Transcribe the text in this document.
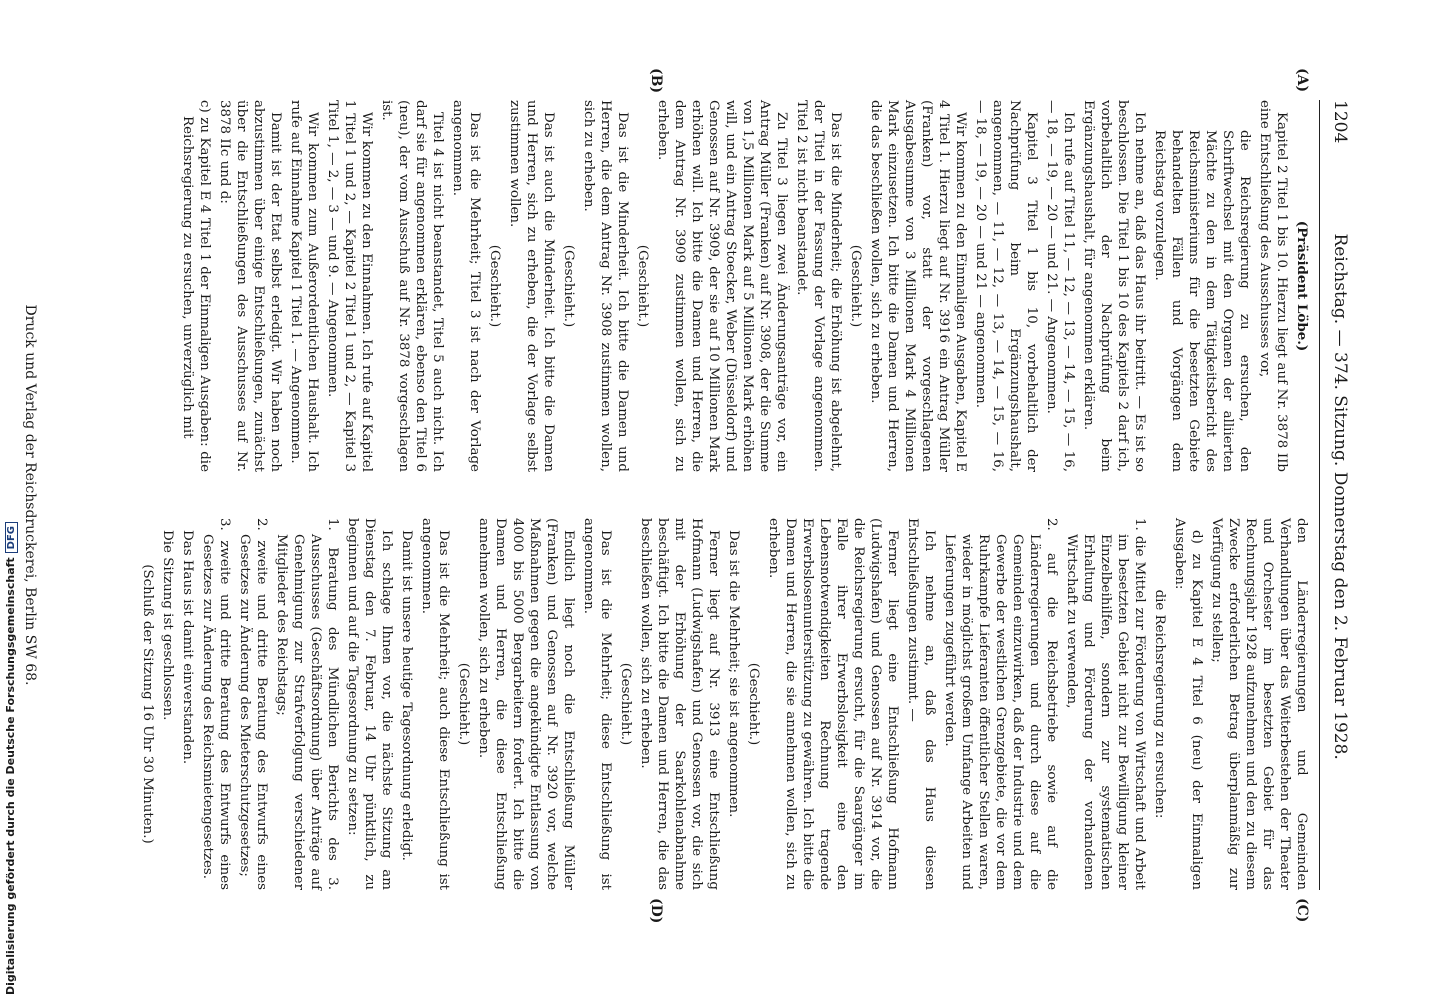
1204
Reichstag. — 374. Sitzung. Donnerstag den 2. Februar 1928.
(A)
(B)
(C)
(D)

(Präsident Löbe.)

Kapitel 2 Titel 1 bis 10. Hierzu liegt auf Nr. 3878 IIb eine Entschließung des Ausschusses vor,

die Reichsregierung zu ersuchen, den Schriftwechsel mit den Organen der alliierten Mächte zu den in dem Tätigkeitsbericht des Reichsministeriums für die besetzten Gebiete behandelten Fällen und Vorgängen dem Reichstag vorzulegen.

Ich nehme an, daß das Haus ihr beitritt. — Es ist so beschlossen. Die Titel 1 bis 10 des Kapitels 2 darf ich, vorbehaltlich der Nachprüfung beim Ergänzungshaushalt, für angenommen erklären.

Ich rufe auf Titel 11, — 12, — 13, — 14, — 15, — 16, — 18, — 19, — 20 — und 21. — Angenommen.

Kapitel 3 Titel 1 bis 10, vorbehaltlich der Nachprüfung beim Ergänzungshaushalt, angenommen, — 11, — 12, — 13, — 14, — 15, — 16, — 18, — 19, — 20 — und 21 — angenommen.

Wir kommen zu den Einmaligen Ausgaben, Kapitel E 4 Titel 1. Hierzu liegt auf Nr. 3916 ein Antrag Müller (Franken) vor, statt der vorgeschlagenen Ausgabesumme von 3 Millionen Mark 4 Millionen Mark einzusetzen. Ich bitte die Damen und Herren, die das beschließen wollen, sich zu erheben.

(Geschieht.)

Das ist die Minderheit; die Erhöhung ist abgelehnt, der Titel in der Fassung der Vorlage angenommen. Titel 2 ist nicht beanstandet.

Zu Titel 3 liegen zwei Änderungsanträge vor, ein Antrag Müller (Franken) auf Nr. 3908, der die Summe von 1,5 Millionen Mark auf 5 Millionen Mark erhöhen will, und ein Antrag Stoecker, Weber (Düsseldorf) und Genossen auf Nr. 3909, der sie auf 10 Millionen Mark erhöhen will. Ich bitte die Damen und Herren, die dem Antrag Nr. 3909 zustimmen wollen, sich zu erheben.

(Geschieht.)

Das ist die Minderheit. Ich bitte die Damen und Herren, die dem Antrag Nr. 3908 zustimmen wollen, sich zu erheben.

(Geschieht.)

Das ist auch die Minderheit. Ich bitte die Damen und Herren, sich zu erheben, die der Vorlage selbst zustimmen wollen.

(Geschieht.)

Das ist die Mehrheit; Titel 3 ist nach der Vorlage angenommen.

Titel 4 ist nicht beanstandet, Titel 5 auch nicht. Ich darf sie für angenommen erklären, ebenso den Titel 6 (neu), der vom Ausschuß auf Nr. 3878 vorgeschlagen ist.

Wir kommen zu den Einnahmen. Ich rufe auf Kapitel 1 Titel 1 und 2, — Kapitel 2 Titel 1 und 2, — Kapitel 3 Titel 1, — 2, — 3 — und 9. — Angenommen.

Wir kommen zum Außerordentlichen Haushalt. Ich rufe auf Einnahme Kapitel 1 Titel 1. — Angenommen.

Damit ist der Etat selbst erledigt. Wir haben noch abzustimmen über einige Entschließungen, zunächst über die Entschließungen des Ausschusses auf Nr. 3878 IIc und d:

c) zu Kapitel E 4 Titel 1 der Einmaligen Ausgaben: die Reichsregierung zu ersuchen, unverzüglich mit

den Länderregierungen und Gemeinden Verhandlungen über das Weiterbestehen der Theater und Orchester im besetzten Gebiet für das Rechnungsjahr 1928 aufzunehmen und den zu diesem Zwecke erforderlichen Betrag überplanmäßig zur Verfügung zu stellen;

d) zu Kapitel E 4 Titel 6 (neu) der Einmaligen Ausgaben:

die Reichsregierung zu ersuchen:

1. die Mittel zur Förderung von Wirtschaft und Arbeit im besetzten Gebiet nicht zur Bewilligung kleiner Einzelbeihilfen, sondern zur systematischen Erhaltung und Förderung der vorhandenen Wirtschaft zu verwenden,

2. auf die Reichsbetriebe sowie auf die Länderregierungen und durch diese auf die Gemeinden einzuwirken, daß der Industrie und dem Gewerbe der westlichen Grenzgebiete, die vor dem Ruhrkampfe Lieferanten öffentlicher Stellen waren, wieder in möglichst großem Umfange Arbeiten und Lieferungen zugeführt werden.

Ich nehme an, daß das Haus diesen Entschließungen zustimmt. —

Ferner liegt eine Entschließung Hofmann (Ludwigshafen) und Genossen auf Nr. 3914 vor, die die Reichsregierung ersucht, für die Saargänger im Falle ihrer Erwerbslosigkeit eine den Lebensnotwendigkeiten Rechnung tragende Erwerbslosenunterstützung zu gewähren. Ich bitte die Damen und Herren, die sie annehmen wollen, sich zu erheben.

(Geschieht.)

Das ist die Mehrheit; sie ist angenommen.

Ferner liegt auf Nr. 3913 eine Entschließung Hofmann (Ludwigshafen) und Genossen vor, die sich mit der Erhöhung der Saarkohlenabnahme beschäftigt. Ich bitte die Damen und Herren, die das beschließen wollen, sich zu erheben.

(Geschieht.)

Das ist die Mehrheit; diese Entschließung ist angenommen.

Endlich liegt noch die Entschließung Müller (Franken) und Genossen auf Nr. 3920 vor, welche Maßnahmen gegen die angekündigte Entlassung von 4000 bis 5000 Bergarbeitern fordert. Ich bitte die Damen und Herren, die diese Entschließung annehmen wollen, sich zu erheben.

(Geschieht.)

Das ist die Mehrheit; auch diese Entschließung ist angenommen.

Damit ist unsere heutige Tagesordnung erledigt.

Ich schlage Ihnen vor, die nächste Sitzung am Dienstag den 7. Februar, 14 Uhr pünktlich, zu beginnen und auf die Tagesordnung zu setzen:

1. Beratung des Mündlichen Berichts des 3. Ausschusses (Geschäftsordnung) über Anträge auf Genehmigung zur Strafverfolgung verschiedener Mitglieder des Reichstags;

2. zweite und dritte Beratung des Entwurfs eines Gesetzes zur Änderung des Mieterschutzgesetzes;

3. zweite und dritte Beratung des Entwurfs eines Gesetzes zur Änderung des Reichsmietengesetzes.

Das Haus ist damit einverstanden.

Die Sitzung ist geschlossen.

(Schluß der Sitzung 16 Uhr 30 Minuten.)

Druck und Verlag der Reichsdruckerei, Berlin SW 68.
Digitalisierung gefördert durch die Deutsche ForschungsgemeinschaftDFG
